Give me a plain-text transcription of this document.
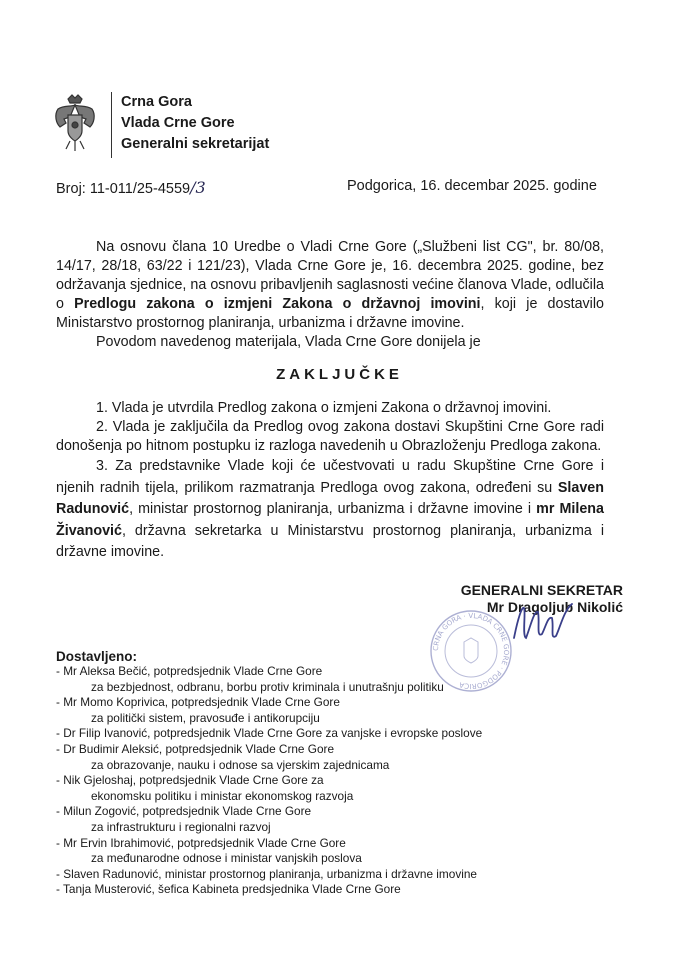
Crna Gora
Vlada Crne Gore
Generalni sekretarijat
Broj: 11-011/25-4559/3	Podgorica, 16. decembar 2025. godine

Na osnovu člana 10 Uredbe o Vladi Crne Gore („Službeni list CG", br. 80/08, 14/17, 28/18, 63/22 i 121/23), Vlada Crne Gore je, 16. decembra 2025. godine, bez održavanja sjednice, na osnovu pribavljenih saglasnosti većine članova Vlade, odlučila o Predlogu zakona o izmjeni Zakona o državnoj imovini, koji je dostavilo Ministarstvo prostornog planiranja, urbanizma i državne imovine.

Povodom navedenog materijala, Vlada Crne Gore donijela je

ZAKLJUČKE

1. Vlada je utvrdila Predlog zakona o izmjeni Zakona o državnoj imovini.

2. Vlada je zaključila da Predlog ovog zakona dostavi Skupštini Crne Gore radi donošenja po hitnom postupku iz razloga navedenih u Obrazloženju Predloga zakona.

3. Za predstavnike Vlade koji će učestvovati u radu Skupštine Crne Gore i njenih radnih tijela, prilikom razmatranja Predloga ovog zakona, određeni su Slaven Radunović, ministar prostornog planiranja, urbanizma i državne imovine i mr Milena Živanović, državna sekretarka u Ministarstvu prostornog planiranja, urbanizma i državne imovine.

GENERALNI SEKRETAR
Mr Dragoljub Nikolić
CRNA GORA · VLADA CRNE GORE · PODGORICA
Dostavljeno:
- Mr Aleksa Bečić, potpredsjednik Vlade Crne Gore
za bezbjednost, odbranu, borbu protiv kriminala i unutrašnju politiku
- Mr Momo Koprivica, potpredsjednik Vlade Crne Gore
za politički sistem, pravosuđe i antikorupciju
- Dr Filip Ivanović, potpredsjednik Vlade Crne Gore za vanjske i evropske poslove
- Dr Budimir Aleksić, potpredsjednik Vlade Crne Gore
za obrazovanje, nauku i odnose sa vjerskim zajednicama
- Nik Gjeloshaj, potpredsjednik Vlade Crne Gore za
ekonomsku politiku i ministar ekonomskog razvoja
- Milun Zogović, potpredsjednik Vlade Crne Gore
za infrastrukturu i regionalni razvoj
- Mr Ervin Ibrahimović, potpredsjednik Vlade Crne Gore
za međunarodne odnose i ministar vanjskih poslova
- Slaven Radunović, ministar prostornog planiranja, urbanizma i državne imovine
- Tanja Musterović, šefica Kabineta predsjednika Vlade Crne Gore
